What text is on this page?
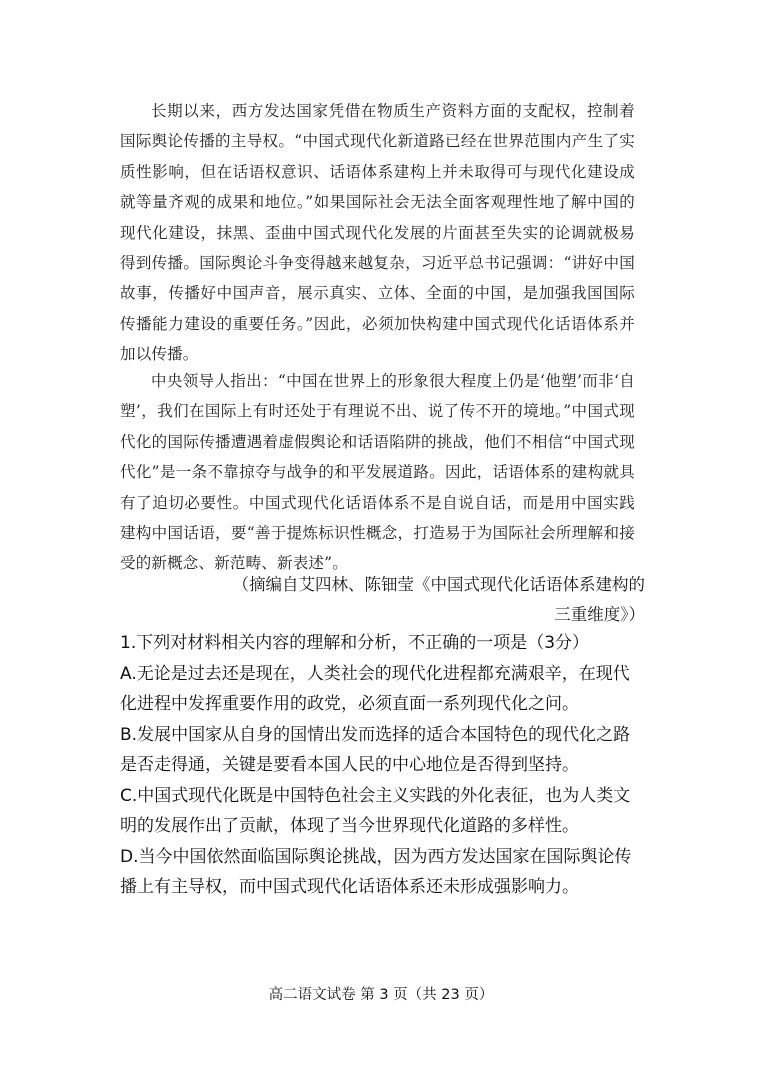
长期以来，西方发达国家凭借在物质生产资料方面的支配权，控制着国际舆论传播的主导权。“中国式现代化新道路已经在世界范围内产生了实质性影响，但在话语权意识、话语体系建构上并未取得可与现代化建设成就等量齐观的成果和地位。”如果国际社会无法全面客观理性地了解中国的现代化建设，抹黑、歪曲中国式现代化发展的片面甚至失实的论调就极易得到传播。国际舆论斗争变得越来越复杂，习近平总书记强调：“讲好中国故事，传播好中国声音，展示真实、立体、全面的中国，是加强我国国际传播能力建设的重要任务。”因此，必须加快构建中国式现代化话语体系并加以传播。

中央领导人指出：“中国在世界上的形象很大程度上仍是‘他塑’而非‘自塑’，我们在国际上有时还处于有理说不出、说了传不开的境地。”中国式现代化的国际传播遭遇着虚假舆论和话语陷阱的挑战，他们不相信“中国式现代化”是一条不靠掠夺与战争的和平发展道路。因此，话语体系的建构就具有了迫切必要性。中国式现代化话语体系不是自说自话，而是用中国实践建构中国话语，要“善于提炼标识性概念，打造易于为国际社会所理解和接受的新概念、新范畴、新表述”。

（摘编自艾四林、陈钿莹《中国式现代化话语体系建构的三重维度》）

1.下列对材料相关内容的理解和分析，不正确的一项是（3分）

A.无论是过去还是现在，人类社会的现代化进程都充满艰辛，在现代化进程中发挥重要作用的政党，必须直面一系列现代化之问。

B.发展中国家从自身的国情出发而选择的适合本国特色的现代化之路是否走得通，关键是要看本国人民的中心地位是否得到坚持。

C.中国式现代化既是中国特色社会主义实践的外化表征，也为人类文明的发展作出了贡献，体现了当今世界现代化道路的多样性。

D.当今中国依然面临国际舆论挑战，因为西方发达国家在国际舆论传播上有主导权，而中国式现代化话语体系还未形成强影响力。

高二语文试卷 第 3 页（共 23 页）
